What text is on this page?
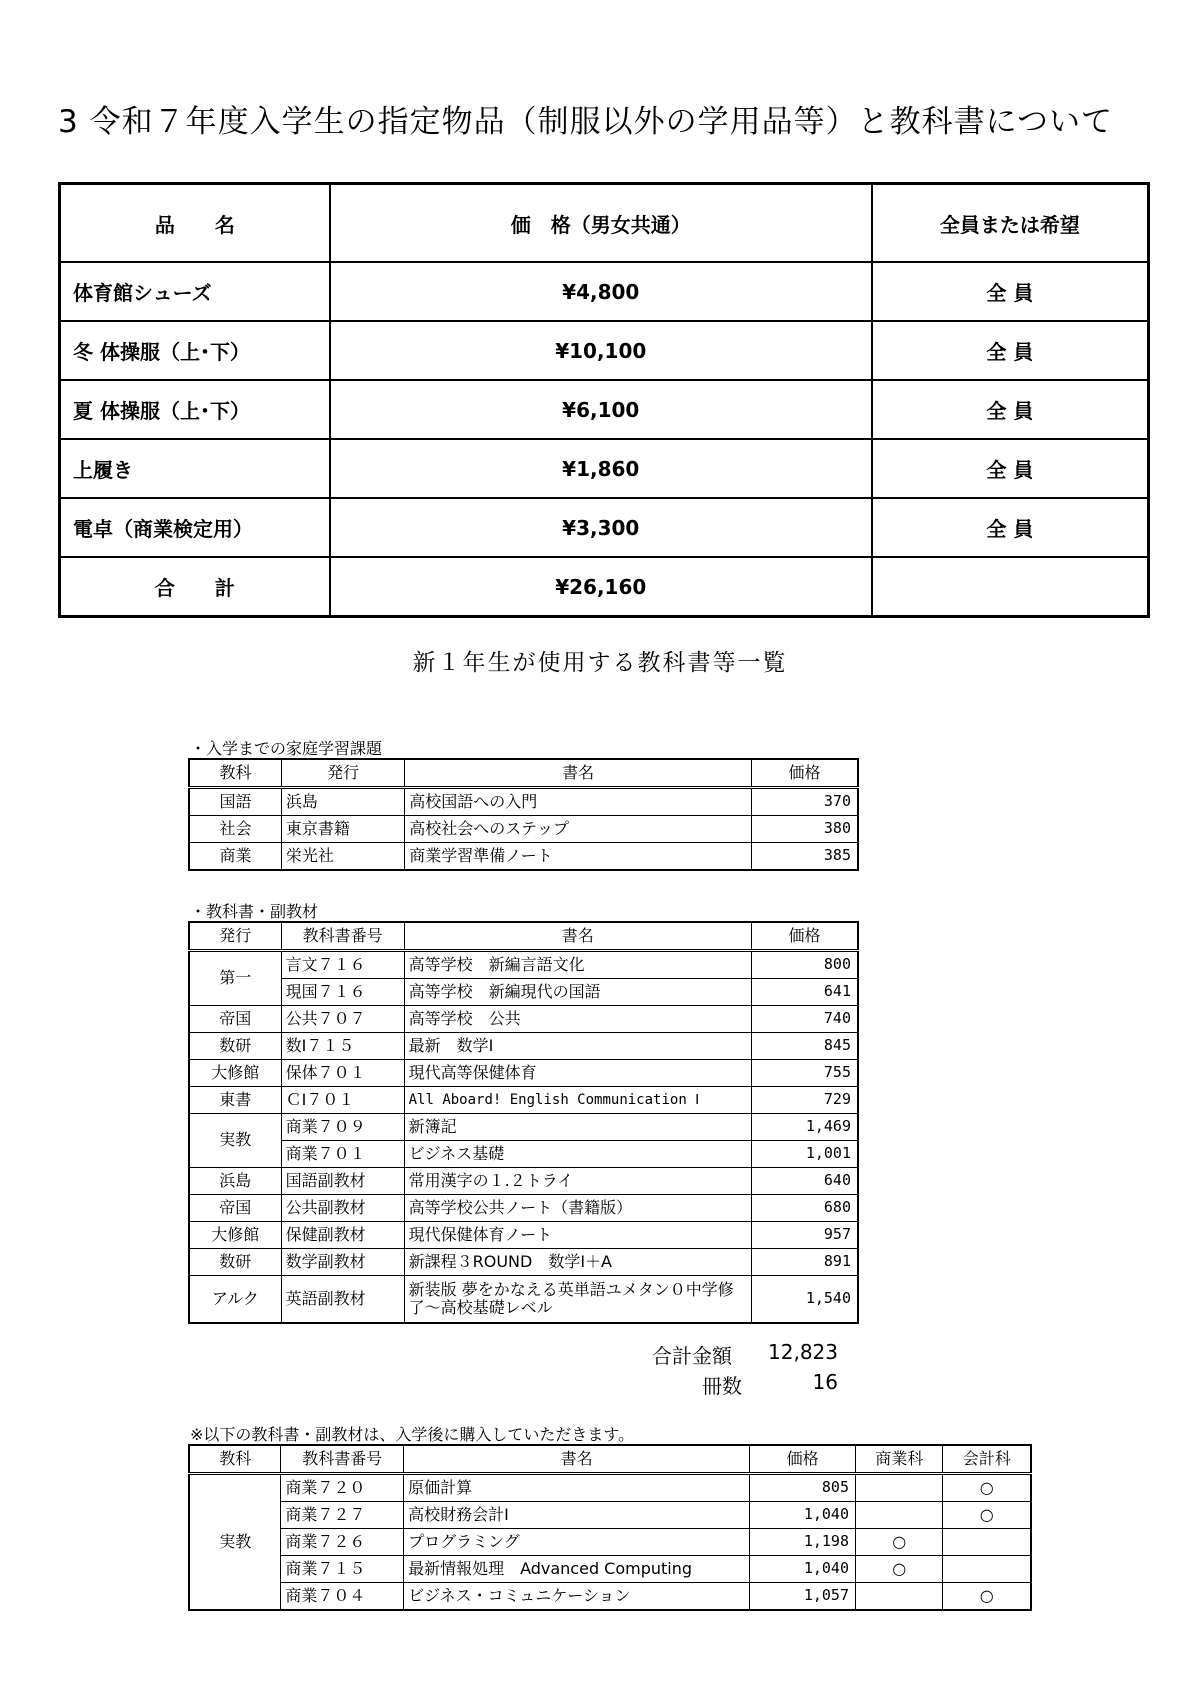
3 令和７年度入学生の指定物品（制服以外の学用品等）と教科書について
品　　名	価　格（男女共通）	全員または希望
体育館シューズ	¥4,800	全 員
冬 体操服（上･下）	¥10,100	全 員
夏 体操服（上･下）	¥6,100	全 員
上履き	¥1,860	全 員
電卓（商業検定用）	¥3,300	全 員
合　　計	¥26,160	
新１年生が使用する教科書等一覧
・入学までの家庭学習課題
教科	発行	書名	価格
国語	浜島	高校国語への入門	370
社会	東京書籍	高校社会へのステップ	380
商業	栄光社	商業学習準備ノート	385
・教科書・副教材
発行	教科書番号	書名	価格
第一	言文７１６	高等学校　新編言語文化	800
	現国７１６	高等学校　新編現代の国語	641
帝国	公共７０７	高等学校　公共	740
数研	数Ⅰ７１５	最新　数学Ⅰ	845
大修館	保体７０１	現代高等保健体育	755
東書	ＣⅠ７０１	All Aboard! English Communication Ⅰ	729
実教	商業７０９	新簿記	1,469
	商業７０１	ビジネス基礎	1,001
浜島	国語副教材	常用漢字の１.２トライ	640
帝国	公共副教材	高等学校公共ノート（書籍版）	680
大修館	保健副教材	現代保健体育ノート	957
数研	数学副教材	新課程３ROUND　数学Ⅰ＋A	891
アルク	英語副教材	新装版 夢をかなえる英単語ユメタン０中学修了～高校基礎レベル	1,540
合計金額	12,823
冊数	16
※以下の教科書・副教材は、入学後に購入していただきます。
教科	教科書番号	書名	価格	商業科	会計科
実教	商業７２０	原価計算	805		○
	商業７２７	高校財務会計Ⅰ	1,040		○
	商業７２６	プログラミング	1,198	○	
	商業７１５	最新情報処理　Advanced Computing	1,040	○	
	商業７０４	ビジネス・コミュニケーション	1,057		○
